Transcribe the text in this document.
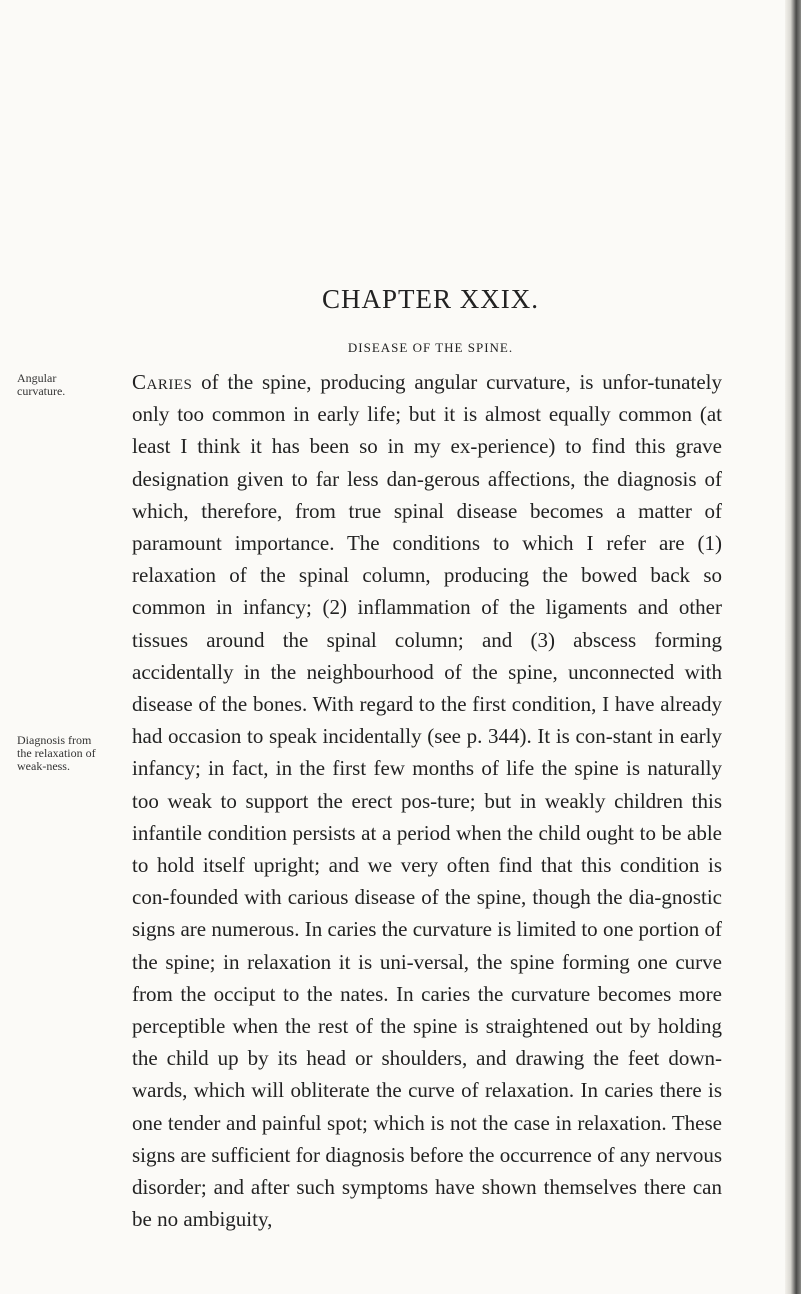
CHAPTER XXIX.
DISEASE OF THE SPINE.
Angular curvature.
Diagnosis from the relaxation of weak-ness.

Caries of the spine, producing angular curvature, is unfor-tunately only too common in early life; but it is almost equally common (at least I think it has been so in my ex-perience) to find this grave designation given to far less dan-gerous affections, the diagnosis of which, therefore, from true spinal disease becomes a matter of paramount importance. The conditions to which I refer are (1) relaxation of the spinal column, producing the bowed back so common in infancy; (2) inflammation of the ligaments and other tissues around the spinal column; and (3) abscess forming accidentally in the neighbourhood of the spine, unconnected with disease of the bones. With regard to the first condition, I have already had occasion to speak incidentally (see p. 344). It is con-stant in early infancy; in fact, in the first few months of life the spine is naturally too weak to support the erect pos-ture; but in weakly children this infantile condition persists at a period when the child ought to be able to hold itself upright; and we very often find that this condition is con-founded with carious disease of the spine, though the dia-gnostic signs are numerous. In caries the curvature is limited to one portion of the spine; in relaxation it is uni-versal, the spine forming one curve from the occiput to the nates. In caries the curvature becomes more perceptible when the rest of the spine is straightened out by holding the child up by its head or shoulders, and drawing the feet down-wards, which will obliterate the curve of relaxation. In caries there is one tender and painful spot; which is not the case in relaxation. These signs are sufficient for diagnosis before the occurrence of any nervous disorder; and after such symptoms have shown themselves there can be no ambiguity,
